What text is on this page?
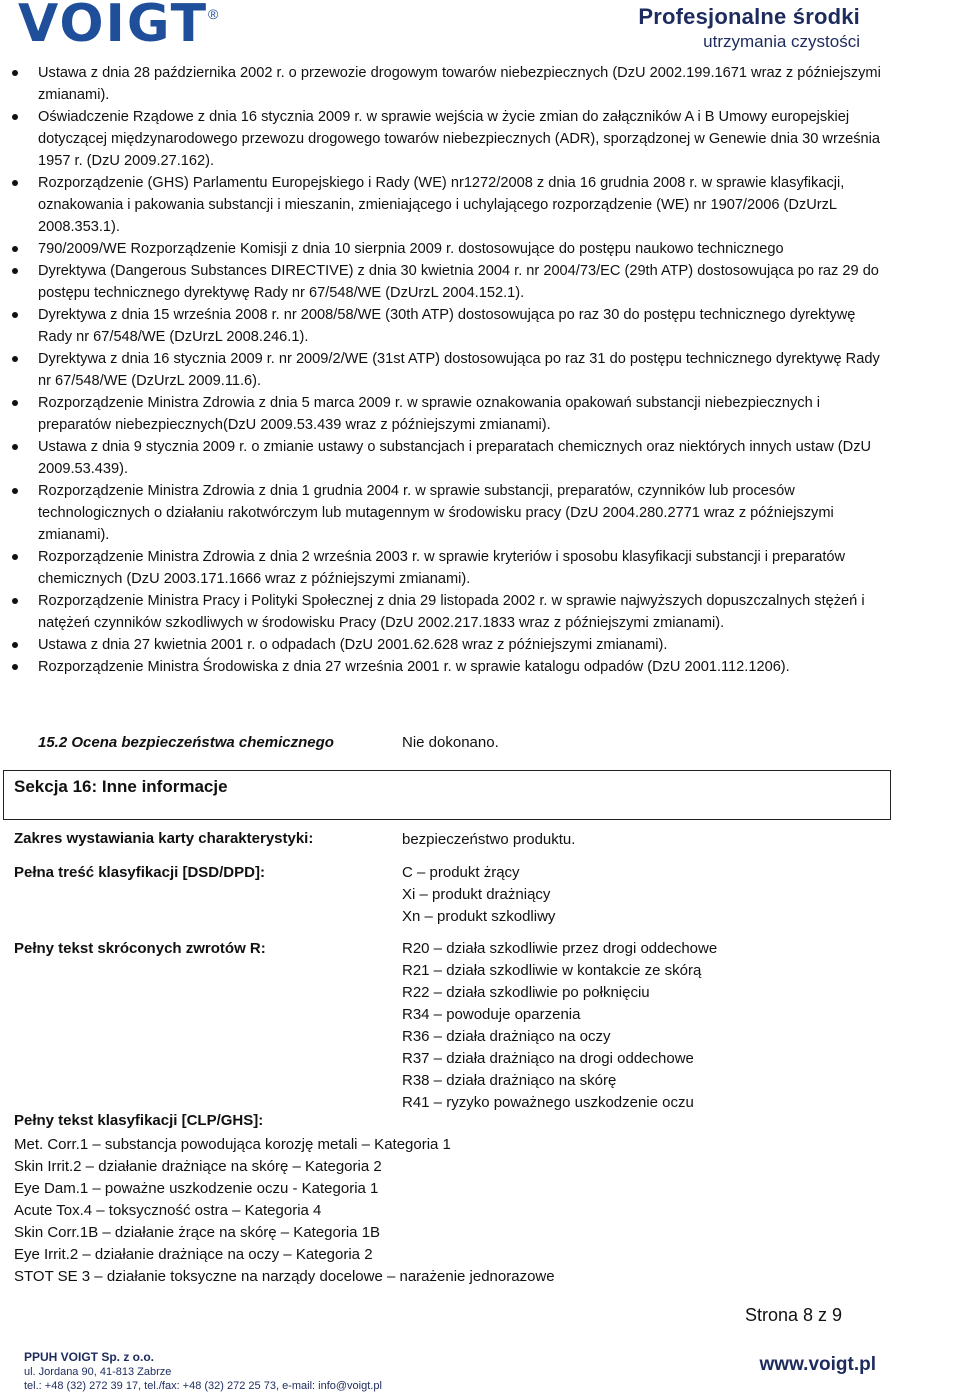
VOIGT ®	Profesjonalne środki
utrzymania czystości
Ustawa z dnia 28 października 2002 r. o przewozie drogowym towarów niebezpiecznych (DzU 2002.199.1671 wraz z późniejszymi zmianami).
Oświadczenie Rządowe z dnia 16 stycznia 2009 r. w sprawie wejścia w życie zmian do załączników A i B Umowy europejskiej dotyczącej międzynarodowego przewozu drogowego towarów niebezpiecznych (ADR), sporządzonej w Genewie dnia 30 września 1957 r. (DzU 2009.27.162).
Rozporządzenie (GHS) Parlamentu Europejskiego i Rady (WE) nr1272/2008 z dnia 16 grudnia 2008 r. w sprawie klasyfikacji, oznakowania i pakowania substancji i mieszanin, zmieniającego i uchylającego rozporządzenie (WE) nr 1907/2006 (DzUrzL 2008.353.1).
790/2009/WE Rozporządzenie Komisji z dnia 10 sierpnia 2009 r. dostosowujące do postępu naukowo technicznego
Dyrektywa (Dangerous Substances DIRECTIVE) z dnia 30 kwietnia 2004 r. nr 2004/73/EC (29th ATP) dostosowująca po raz 29 do postępu technicznego dyrektywę Rady nr 67/548/WE (DzUrzL 2004.152.1).
Dyrektywa z dnia 15 września 2008 r. nr 2008/58/WE (30th ATP) dostosowująca po raz 30 do postępu technicznego dyrektywę Rady nr 67/548/WE (DzUrzL 2008.246.1).
Dyrektywa z dnia 16 stycznia 2009 r. nr 2009/2/WE (31st ATP) dostosowująca po raz 31 do postępu technicznego dyrektywę Rady nr 67/548/WE (DzUrzL 2009.11.6).
Rozporządzenie Ministra Zdrowia z dnia 5 marca 2009 r. w sprawie oznakowania opakowań substancji niebezpiecznych i preparatów niebezpiecznych(DzU 2009.53.439 wraz z późniejszymi zmianami).
Ustawa z dnia 9 stycznia 2009 r. o zmianie ustawy o substancjach i preparatach chemicznych oraz niektórych innych ustaw (DzU 2009.53.439).
Rozporządzenie Ministra Zdrowia z dnia 1 grudnia 2004 r. w sprawie substancji, preparatów, czynników lub procesów technologicznych o działaniu rakotwórczym lub mutagennym w środowisku pracy (DzU 2004.280.2771 wraz z późniejszymi zmianami).
Rozporządzenie Ministra Zdrowia z dnia 2 września 2003 r. w sprawie kryteriów i sposobu klasyfikacji substancji i preparatów chemicznych (DzU 2003.171.1666 wraz z późniejszymi zmianami).
Rozporządzenie Ministra Pracy i Polityki Społecznej z dnia 29 listopada 2002 r. w sprawie najwyższych dopuszczalnych stężeń i natężeń czynników szkodliwych w środowisku Pracy (DzU 2002.217.1833 wraz z późniejszymi zmianami).
Ustawa z dnia 27 kwietnia 2001 r. o odpadach (DzU 2001.62.628 wraz z późniejszymi zmianami).
Rozporządzenie Ministra Środowiska z dnia 27 września 2001 r. w sprawie katalogu odpadów (DzU 2001.112.1206).
15.2 Ocena bezpieczeństwa chemicznego	Nie dokonano.
Sekcja 16: Inne informacje
Zakres wystawiania karty charakterystyki:	bezpieczeństwo produktu.
Pełna treść klasyfikacji [DSD/DPD]:	C – produkt żrący
Xi – produkt drażniący
Xn – produkt szkodliwy
Pełny tekst skróconych zwrotów R:	R20 – działa szkodliwie przez drogi oddechowe
R21 – działa szkodliwie w kontakcie ze skórą
R22 – działa szkodliwie po połknięciu
R34 – powoduje oparzenia
R36 – działa drażniąco na oczy
R37 – działa drażniąco na drogi oddechowe
R38 – działa drażniąco na skórę
R41 – ryzyko poważnego uszkodzenie oczu
Pełny tekst klasyfikacji [CLP/GHS]:
Met. Corr.1 – substancja powodująca korozję metali – Kategoria 1
Skin Irrit.2 – działanie drażniące na skórę – Kategoria 2
Eye Dam.1 – poważne uszkodzenie oczu - Kategoria 1
Acute Tox.4 – toksyczność ostra – Kategoria 4
Skin Corr.1B – działanie żrące na skórę – Kategoria 1B
Eye Irrit.2 – działanie drażniące na oczy – Kategoria 2
STOT SE 3 – działanie toksyczne na narządy docelowe – narażenie jednorazowe
Strona 8 z 9
PPUH VOIGT Sp. z o.o.
ul. Jordana 90, 41-813 Zabrze
tel.: +48 (32) 272 39 17, tel./fax: +48 (32) 272 25 73, e-mail: info@voigt.pl
www.voigt.pl
